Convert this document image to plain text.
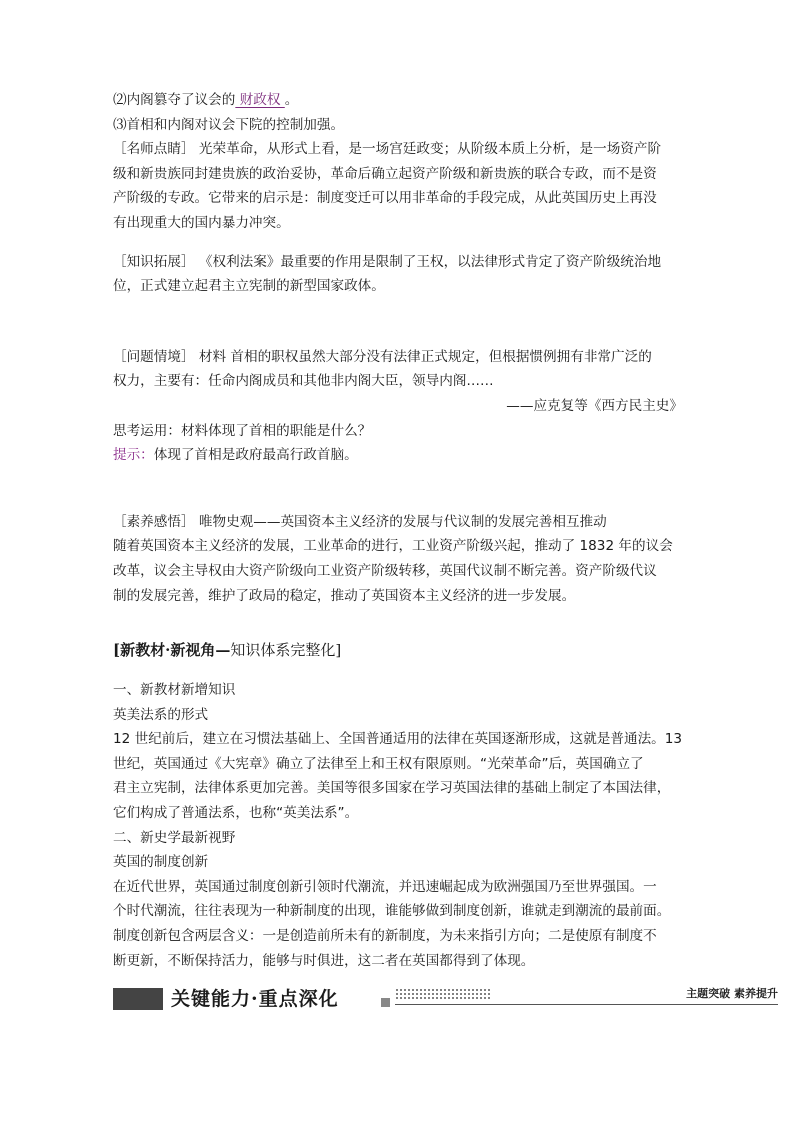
⑵内阁篡夺了议会的 财政权 。

⑶首相和内阁对议会下院的控制加强。

［名师点睛］ 光荣革命，从形式上看，是一场宫廷政变；从阶级本质上分析，是一场资产阶

级和新贵族同封建贵族的政治妥协，革命后确立起资产阶级和新贵族的联合专政，而不是资

产阶级的专政。它带来的启示是：制度变迁可以用非革命的手段完成，从此英国历史上再没

有出现重大的国内暴力冲突。

［知识拓展］ 《权利法案》最重要的作用是限制了王权，以法律形式肯定了资产阶级统治地

位，正式建立起君主立宪制的新型国家政体。

［问题情境］ 材料 首相的职权虽然大部分没有法律正式规定，但根据惯例拥有非常广泛的

权力，主要有：任命内阁成员和其他非内阁大臣，领导内阁……

——应克复等《西方民主史》

思考运用：材料体现了首相的职能是什么？

提示：体现了首相是政府最高行政首脑。

［素养感悟］ 唯物史观——英国资本主义经济的发展与代议制的发展完善相互推动

随着英国资本主义经济的发展，工业革命的进行，工业资产阶级兴起，推动了 1832 年的议会

改革，议会主导权由大资产阶级向工业资产阶级转移，英国代议制不断完善。资产阶级代议

制的发展完善，维护了政局的稳定，推动了英国资本主义经济的进一步发展。

[新教材·新视角—知识体系完整化]

一、新教材新增知识

英美法系的形式

12 世纪前后，建立在习惯法基础上、全国普通适用的法律在英国逐渐形成，这就是普通法。13

世纪，英国通过《大宪章》确立了法律至上和王权有限原则。“光荣革命”后，英国确立了

君主立宪制，法律体系更加完善。美国等很多国家在学习英国法律的基础上制定了本国法律，

它们构成了普通法系，也称“英美法系”。

二、新史学最新视野

英国的制度创新

在近代世界，英国通过制度创新引领时代潮流，并迅速崛起成为欧洲强国乃至世界强国。一

个时代潮流，往往表现为一种新制度的出现，谁能够做到制度创新，谁就走到潮流的最前面。

制度创新包含两层含义：一是创造前所未有的新制度，为未来指引方向；二是使原有制度不

断更新，不断保持活力，能够与时俱进，这二者在英国都得到了体现。

关键能力·重点深化	主题突破 素养提升
